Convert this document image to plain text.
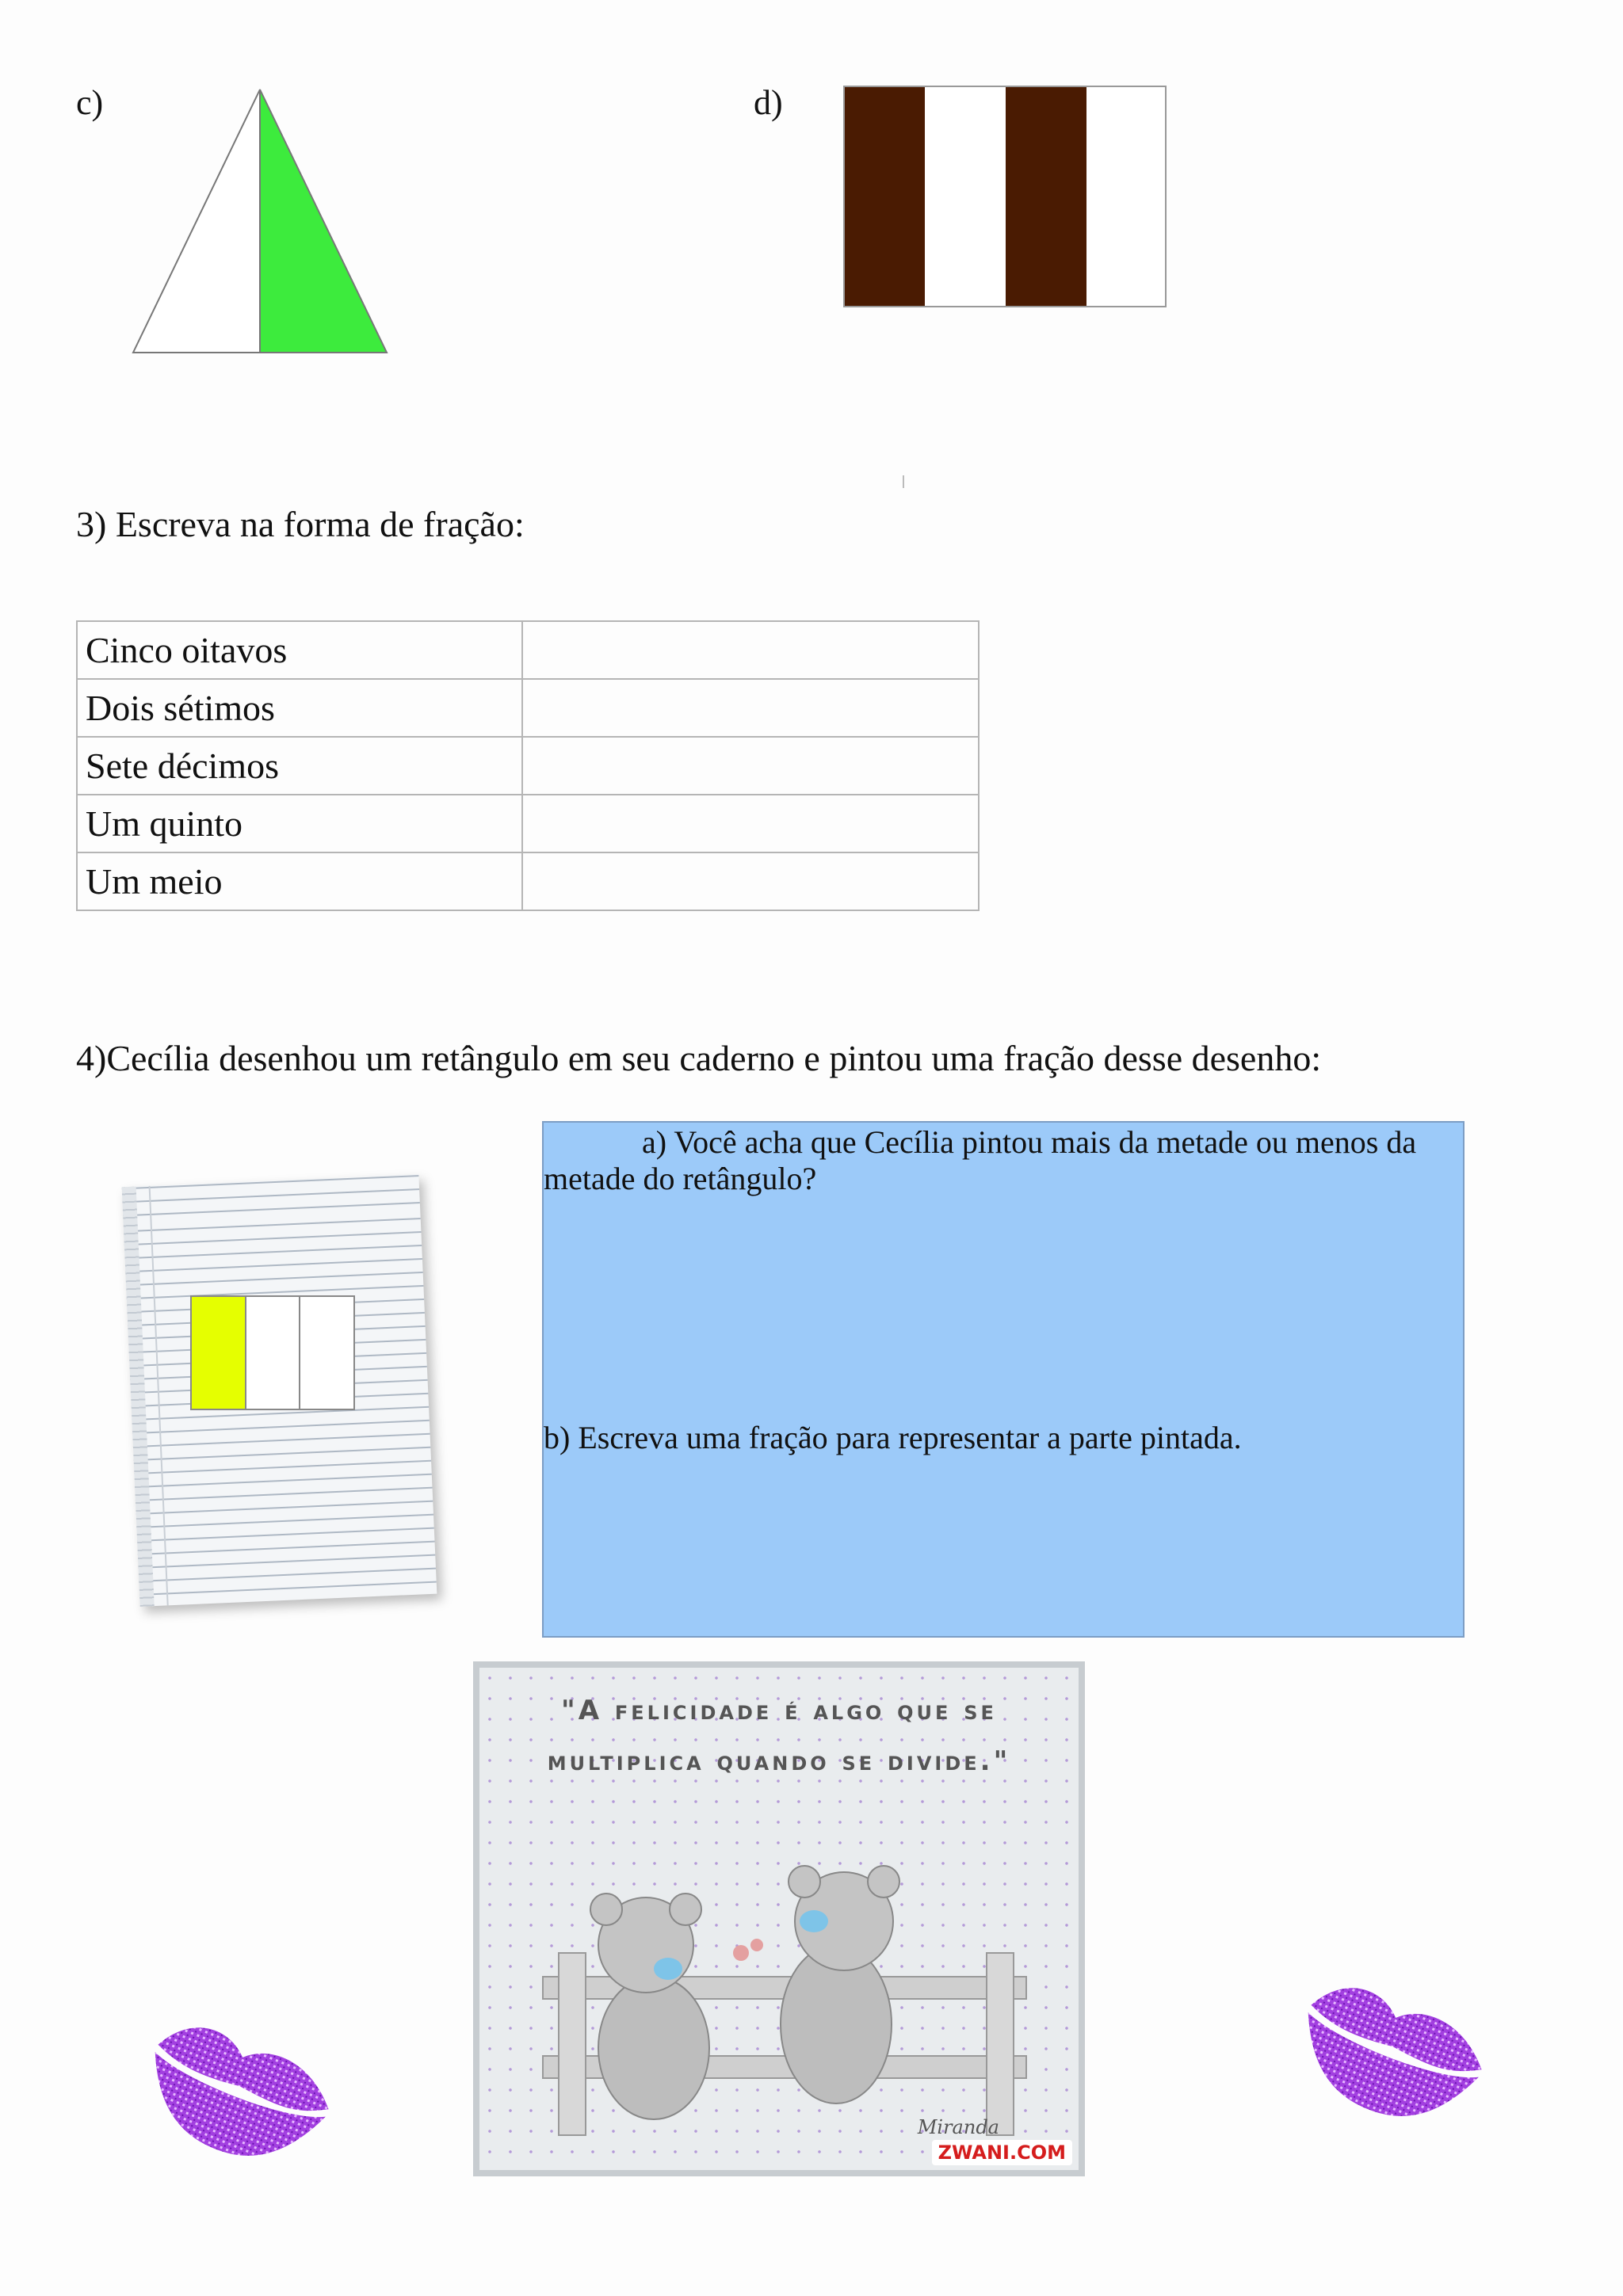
c)	d)
3) Escreva na forma de fração:
Cinco oitavos	
Dois sétimos	
Sete décimos	
Um quinto	
Um meio	
4)Cecília desenhou um retângulo em seu caderno e pintou uma fração desse desenho:
a) Você acha que Cecília pintou mais da metade ou menos da metade do retângulo?
b) Escreva uma fração para representar a parte pintada.
"A felicidade é algo que se multiplica quando se divide."
Miranda
ZWANI.COM
